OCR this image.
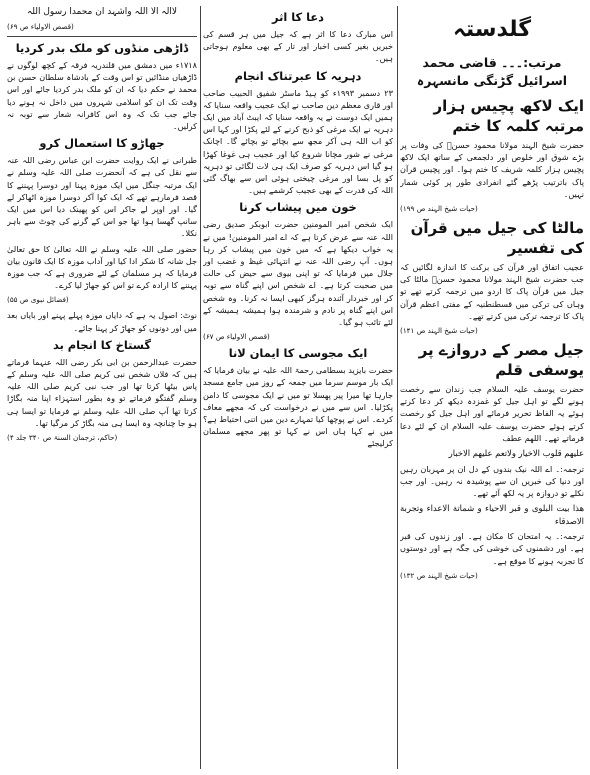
گلدستہ
مرتب:۔۔۔ قاضی محمد اسرائیل گڑنگی مانسہرہ
ایک لاکھ پچیس ہزار مرتبہ کلمہ کا ختم

حضرت شیخ الہند مولانا محمود حسنؒ کی وفات پر بڑے شوق اور خلوص اور دلجمعی کے ساتھ ایک لاکھ پچیس ہزار کلمہ شریف کا ختم ہوا۔ اور پچیس قرآن پاک باترتیب پڑھے گئے انفرادی طور پر کوئی شمار نہیں۔

(حیات شیخ الہند ص ۱۹۹)
مالٹا کی جیل میں قرآن کی تفسیر

عجیب اتفاق اور قرآن کی برکت کا اندازہ لگائیں کہ جب حضرت شیخ الہند مولانا محمود حسنؒ مالٹا کی جیل میں قرآن پاک کا اردو میں ترجمہ کرتے تھے تو وہاں کی ترکی میں قسطنطنیہ کے مفتی اعظم قرآن پاک کا ترجمہ ترکی میں کرتے تھے۔

(حیات شیخ الہند ص ۱۴۱)
جیل مصر کے دروازے پر یوسفی قلم

حضرت یوسف علیہ السلام جب زندان سے رخصت ہونے لگے تو اہل جیل کو غمزدہ دیکھ کر دعا کرتے ہوئے یہ الفاظ تحریر فرمائے اور اہل جیل کو رخصت کرتے ہوئے حضرت یوسف علیہ السلام ان کے لئے دعا فرماتے تھے۔ اللھم عطف

علیھم قلوب الاخیار ولاتعم علیھم الاخبار

ترجمہ:۔ اے اللہ نیک بندوں کے دل ان پر مہربان رہیں اور دنیا کی خبریں ان سے پوشیدہ نہ رہیں۔ اور جب نکلے تو دروازہ پر یہ لکھ آئے تھے۔

ھذا بیت البلوی و قبر الاحیاء و شماتة الاعداء وتجربة الاصدقاء

ترجمہ:۔ یہ امتحان کا مکان ہے۔ اور زندوں کی قبر ہے۔ اور دشمنوں کی خوشی کی جگہ ہے اور دوستوں کا تجربہ ہونے کا موقع ہے۔

(حیات شیخ الہند ص ۱۳۲)
دعا کا اثر

اس مبارک دعا کا اثر ہے کہ جیل میں ہر قسم کی خبریں بغیر کسی اخبار اور تار کے بھی معلوم ہوجاتی ہیں۔

دہریہ کا عبرتناک انجام

۲۳ دسمبر ۱۹۹۳ء کو ہیڈ ماسٹر شفیق الحبیب صاحب اور قاری معظم دین صاحب نے ایک عجیب واقعہ سنایا کہ ہمیں ایک دوست نے یہ واقعہ سنایا کہ ایبٹ آباد میں ایک دہریہ نے ایک مرغی کو ذبح کرنے کے لئے پکڑا اور کہا اس کو اب اللہ ہی آکر مجھ سے بچائے تو بچائے گا۔ اچانک مرغی نے شور مچانا شروع کیا اور عجیب ہی غوغا کھڑا ہو گیا اس دہریہ کو صرف ایک ہی لات لگائی تو دہریہ کو پل بسا اور مرغی چیختی ہوئی اس سے بھاگ گئی اللہ کی قدرت کے بھی عجیب کرشمے ہیں۔

خون میں پیشاب کرنا

ایک شخص امیر المومنین حضرت ابوبکر صدیق رضی اللہ عنہ سے عرض کرتا ہے کہ اے امیر المومنین! میں نے یہ خواب دیکھا ہے کہ میں خون میں پیشاب کر رہا ہوں۔ آپ رضی اللہ عنہ نے انتہائی غیظ و غضب اور جلال میں فرمایا کہ تو اپنی بیوی سے حیض کی حالت میں صحبت کرتا ہے۔ اے شخص اس اپنے گناہ سے توبہ کر اور خبردار آئندہ ہرگز کبھی ایسا نہ کرنا۔ وہ شخص اس اپنے گناہ پر نادم و شرمندہ ہوا ہمیشہ ہمیشہ کے لئے تائب ہو گیا۔

(قصص الاولیاء ص ۶۷)
ایک مجوسی کا ایمان لانا

حضرت بایزید بسطامی رحمۃ اللہ علیہ نے بیان فرمایا کہ ایک بار موسم سرما میں جمعہ کے روز میں جامع مسجد جارہا تھا میرا پیر پھسلا تو میں نے ایک مجوسی کا دامن پکڑلیا۔ اس سے میں نے درخواست کی کہ مجھے معاف کردے۔ اس نے پوچھا کیا تمہارے دین میں اتنی احتیاط ہے؟ میں نے کہا ہاں اس نے کہا تو پھر مجھے مسلمان کرلیجئے

لاالہ الا اللہ واشہد ان محمدا رسول اللہ
(قصص الاولیاء ص ۶۹)
ڈاڑھی منڈوں کو ملک بدر کردیا

۱۷۱۸ء میں دمشق میں قلندریہ فرقہ کے کچھ لوگوں نے ڈاڑھیاں منڈائیں تو اس وقت کے بادشاہ سلطان حسن بن محمد نے حکم دیا کہ ان کو ملک بدر کردیا جائے اور اس وقت تک ان کو اسلامی شہروں میں داخل نہ ہونے دیا جائے جب تک کہ وہ اس کافرانہ شعار سے توبہ نہ کرلیں۔

جھاڑو کا استعمال کرو

طبرانی نے ایک روایت حضرت ابن عباس رضی اللہ عنہ سے نقل کی ہے کہ آنحضرت صلی اللہ علیہ وسلم نے ایک مرتبہ جنگل میں ایک موزہ پہنا اور دوسرا پہننے کا قصد فرمارہے تھے کہ ایک کوا آکر دوسرا موزہ اٹھاکر لے گیا۔ اور اوپر لے جاکر اس کو پھینک دیا اس میں ایک سانپ گھسا ہوا تھا جو اس کے گرنے کی چوٹ سے باہر نکلا۔

حضور صلی اللہ علیہ وسلم نے اللہ تعالیٰ کا حق تعالیٰ جل شانہ کا شکر ادا کیا اور آداب موزہ کا ایک قانون بیان فرمایا کہ ہر مسلمان کے لئے ضروری ہے کہ جب موزہ پہننے کا ارادہ کرے تو اس کو جھاڑ لیا کرے۔

(فضائل نبوی ص ۵۵)

نوٹ: اصول یہ ہے کہ دایاں موزہ پہلے پہنے اور بایاں بعد میں اور دونوں کو جھاڑ کر پہنا جائے۔

گستاخ کا انجام بد

حضرت عبدالرحمن بن ابی بکر رضی اللہ عنہما فرماتے ہیں کہ فلاں شخص نبی کریم صلی اللہ علیہ وسلم کے پاس بیٹھا کرتا تھا اور جب نبی کریم صلی اللہ علیہ وسلم گفتگو فرماتے تو وہ بطور استہزاء اپنا منہ بگاڑا کرتا تھا آپ صلی اللہ علیہ وسلم نے فرمایا تو ایسا ہی ہو جا چنانچہ وہ ایسا ہی منہ بگاڑ کر مرگیا تھا۔

(حاکم، ترجمان السنۃ ص ۳۴۰ جلد ۴)
